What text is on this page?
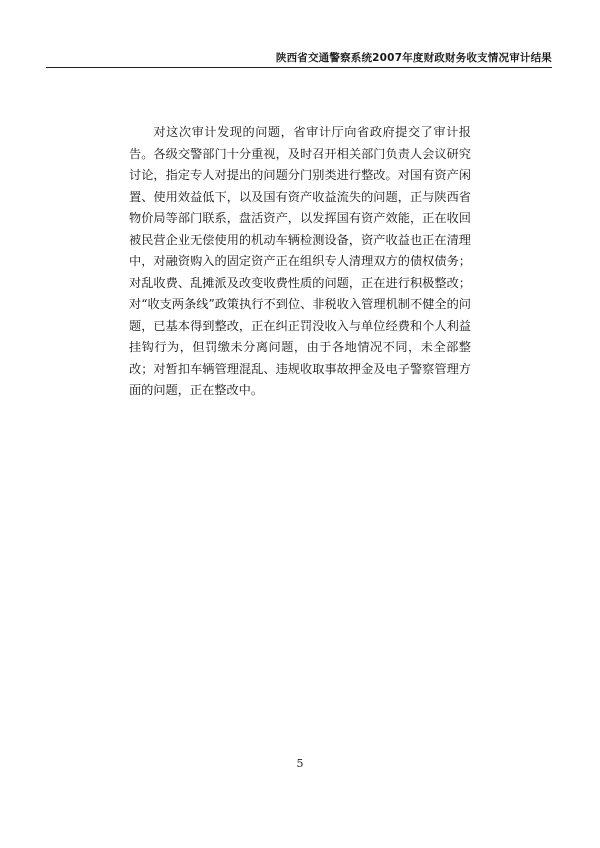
陕西省交通警察系统2007年度财政财务收支情况审计结果

对这次审计发现的问题，省审计厅向省政府提交了审计报告。各级交警部门十分重视，及时召开相关部门负责人会议研究讨论，指定专人对提出的问题分门别类进行整改。对国有资产闲置、使用效益低下，以及国有资产收益流失的问题，正与陕西省物价局等部门联系，盘活资产，以发挥国有资产效能，正在收回被民营企业无偿使用的机动车辆检测设备，资产收益也正在清理中，对融资购入的固定资产正在组织专人清理双方的债权债务；对乱收费、乱摊派及改变收费性质的问题，正在进行积极整改；对“收支两条线”政策执行不到位、非税收入管理机制不健全的问题，已基本得到整改，正在纠正罚没收入与单位经费和个人利益挂钩行为，但罚缴未分离问题，由于各地情况不同，未全部整改；对暂扣车辆管理混乱、违规收取事故押金及电子警察管理方面的问题，正在整改中。

5
